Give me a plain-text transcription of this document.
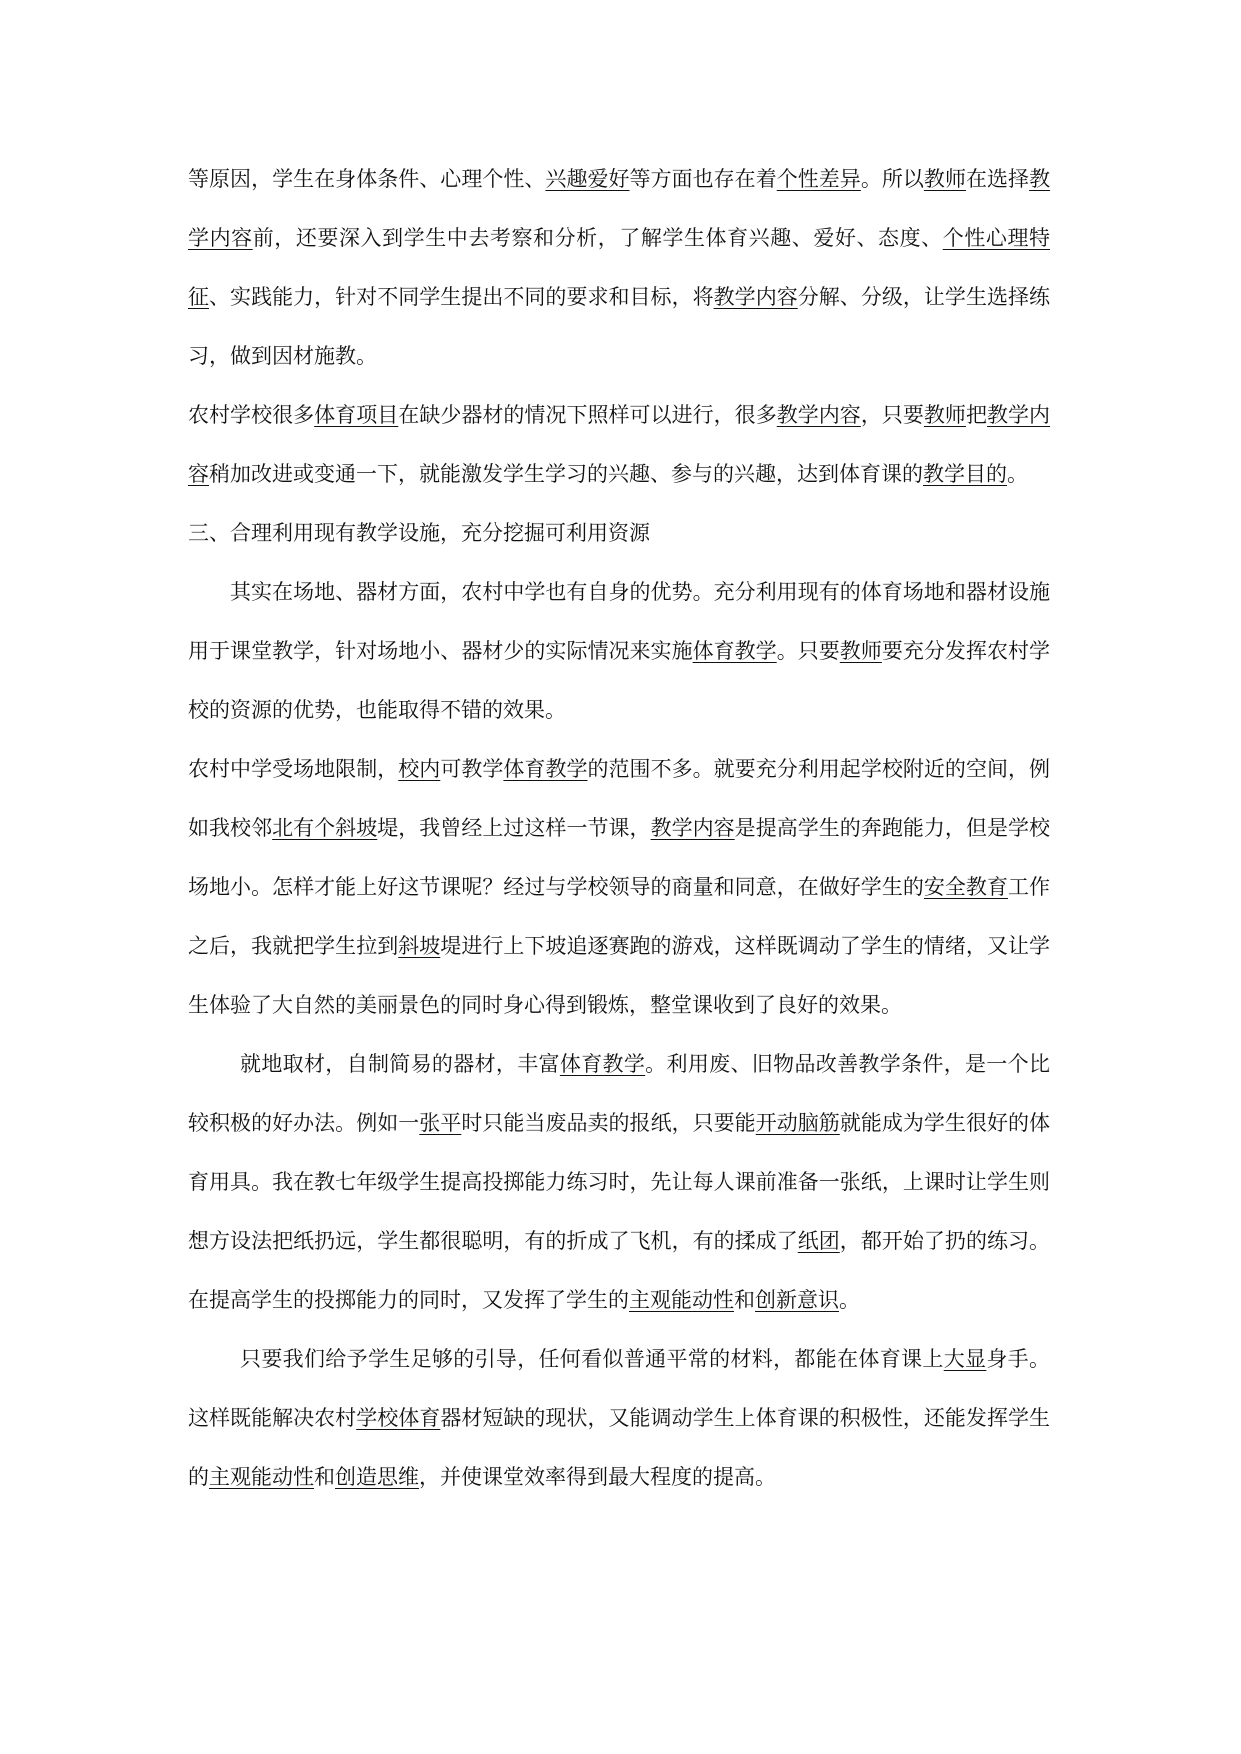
等原因，学生在身体条件、心理个性、兴趣爱好等方面也存在着个性差异。所以教师在选择教学内容前，还要深入到学生中去考察和分析，了解学生体育兴趣、爱好、态度、个性心理特征、实践能力，针对不同学生提出不同的要求和目标，将教学内容分解、分级，让学生选择练习，做到因材施教。

农村学校很多体育项目在缺少器材的情况下照样可以进行，很多教学内容，只要教师把教学内容稍加改进或变通一下，就能激发学生学习的兴趣、参与的兴趣，达到体育课的教学目的。

三、合理利用现有教学设施，充分挖掘可利用资源

其实在场地、器材方面，农村中学也有自身的优势。充分利用现有的体育场地和器材设施用于课堂教学，针对场地小、器材少的实际情况来实施体育教学。只要教师要充分发挥农村学校的资源的优势，也能取得不错的效果。

农村中学受场地限制，校内可教学体育教学的范围不多。就要充分利用起学校附近的空间，例如我校邻北有个斜坡堤，我曾经上过这样一节课，教学内容是提高学生的奔跑能力，但是学校场地小。怎样才能上好这节课呢？经过与学校领导的商量和同意，在做好学生的安全教育工作之后，我就把学生拉到斜坡堤进行上下坡追逐赛跑的游戏，这样既调动了学生的情绪，又让学生体验了大自然的美丽景色的同时身心得到锻炼，整堂课收到了良好的效果。

就地取材，自制简易的器材，丰富体育教学。利用废、旧物品改善教学条件，是一个比较积极的好办法。例如一张平时只能当废品卖的报纸，只要能开动脑筋就能成为学生很好的体育用具。我在教七年级学生提高投掷能力练习时，先让每人课前准备一张纸，上课时让学生则想方设法把纸扔远，学生都很聪明，有的折成了飞机，有的揉成了纸团，都开始了扔的练习。在提高学生的投掷能力的同时，又发挥了学生的主观能动性和创新意识。

只要我们给予学生足够的引导，任何看似普通平常的材料，都能在体育课上大显身手。这样既能解决农村学校体育器材短缺的现状，又能调动学生上体育课的积极性，还能发挥学生的主观能动性和创造思维，并使课堂效率得到最大程度的提高。
